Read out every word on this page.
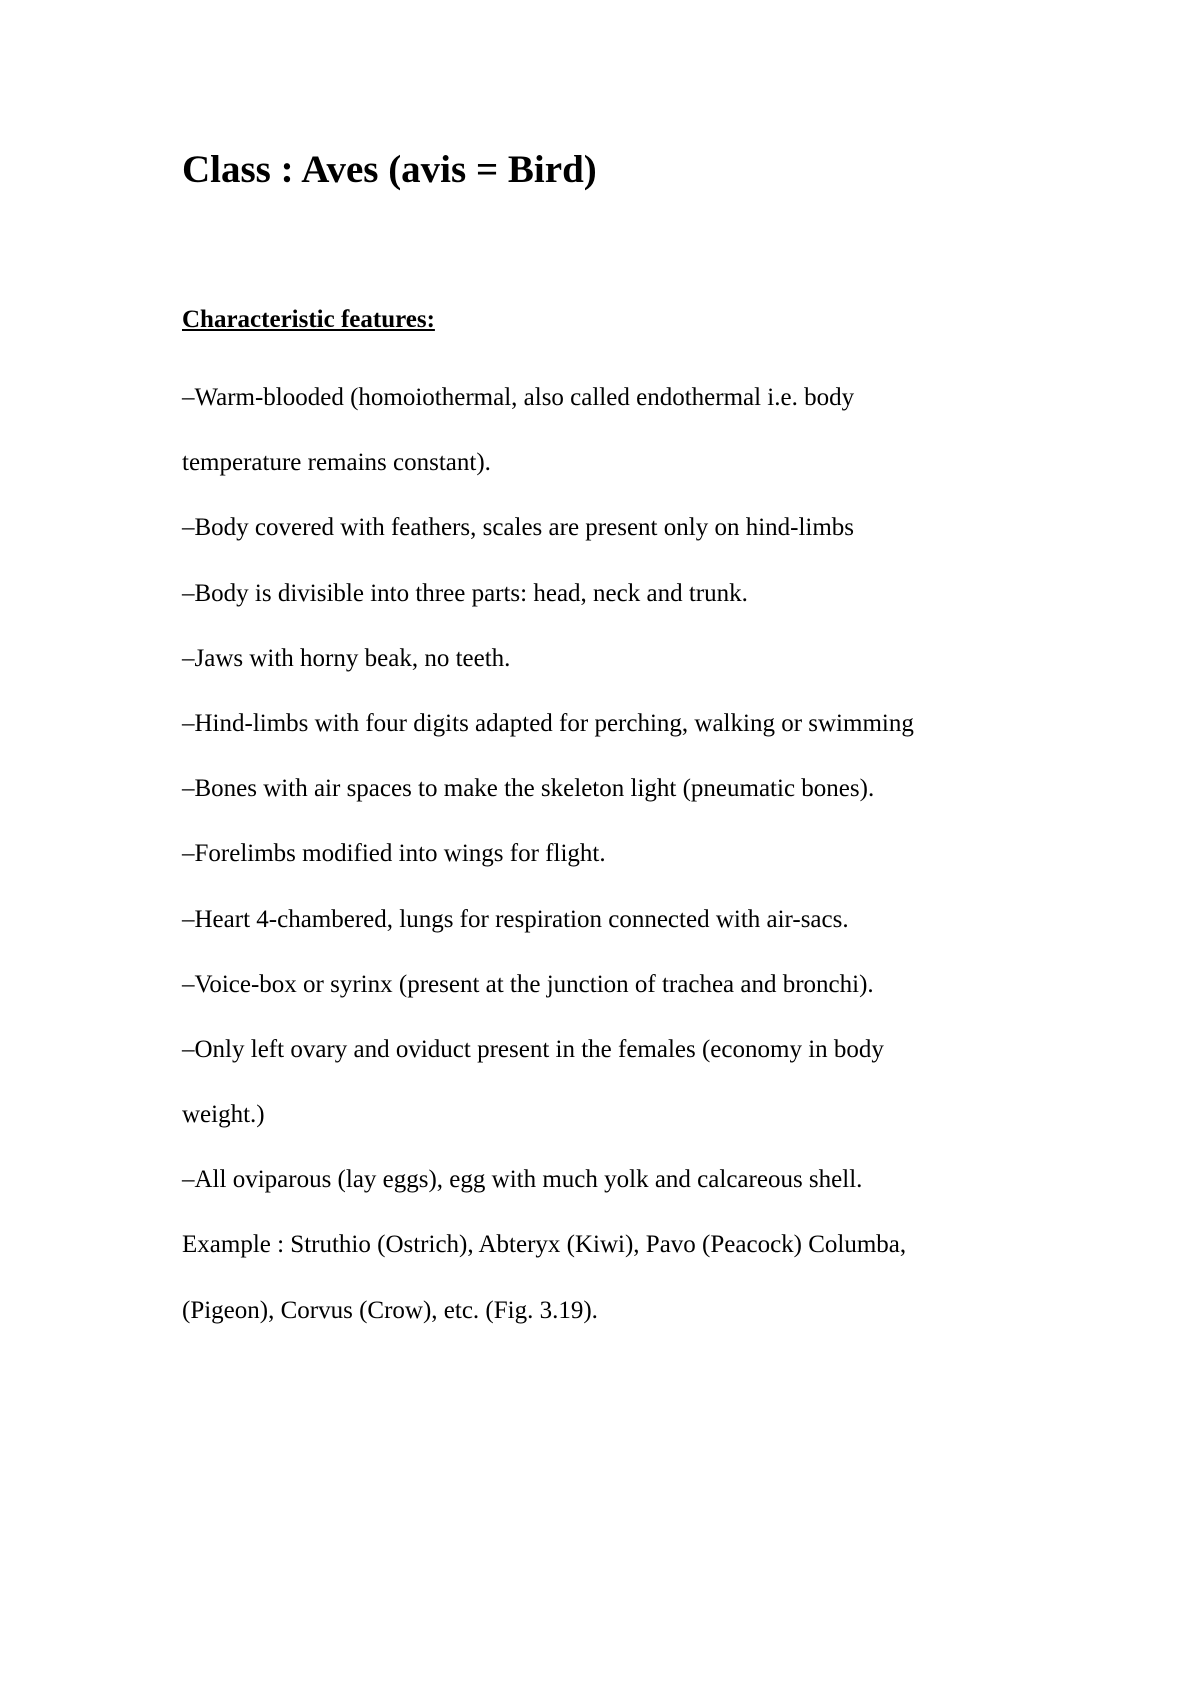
Class : Aves (avis = Bird)
Characteristic features:
–Warm-blooded (homoiothermal, also called endothermal i.e. body
temperature remains constant).
–Body covered with feathers, scales are present only on hind-limbs
–Body is divisible into three parts: head, neck and trunk.
–Jaws with horny beak, no teeth.
–Hind-limbs with four digits adapted for perching, walking or swimming
–Bones with air spaces to make the skeleton light (pneumatic bones).
–Forelimbs modified into wings for flight.
–Heart 4-chambered, lungs for respiration connected with air-sacs.
–Voice-box or syrinx (present at the junction of trachea and bronchi).
–Only left ovary and oviduct present in the females (economy in body
weight.)
–All oviparous (lay eggs), egg with much yolk and calcareous shell.
Example : Struthio (Ostrich), Abteryx (Kiwi), Pavo (Peacock) Columba,
(Pigeon), Corvus (Crow), etc. (Fig. 3.19).
